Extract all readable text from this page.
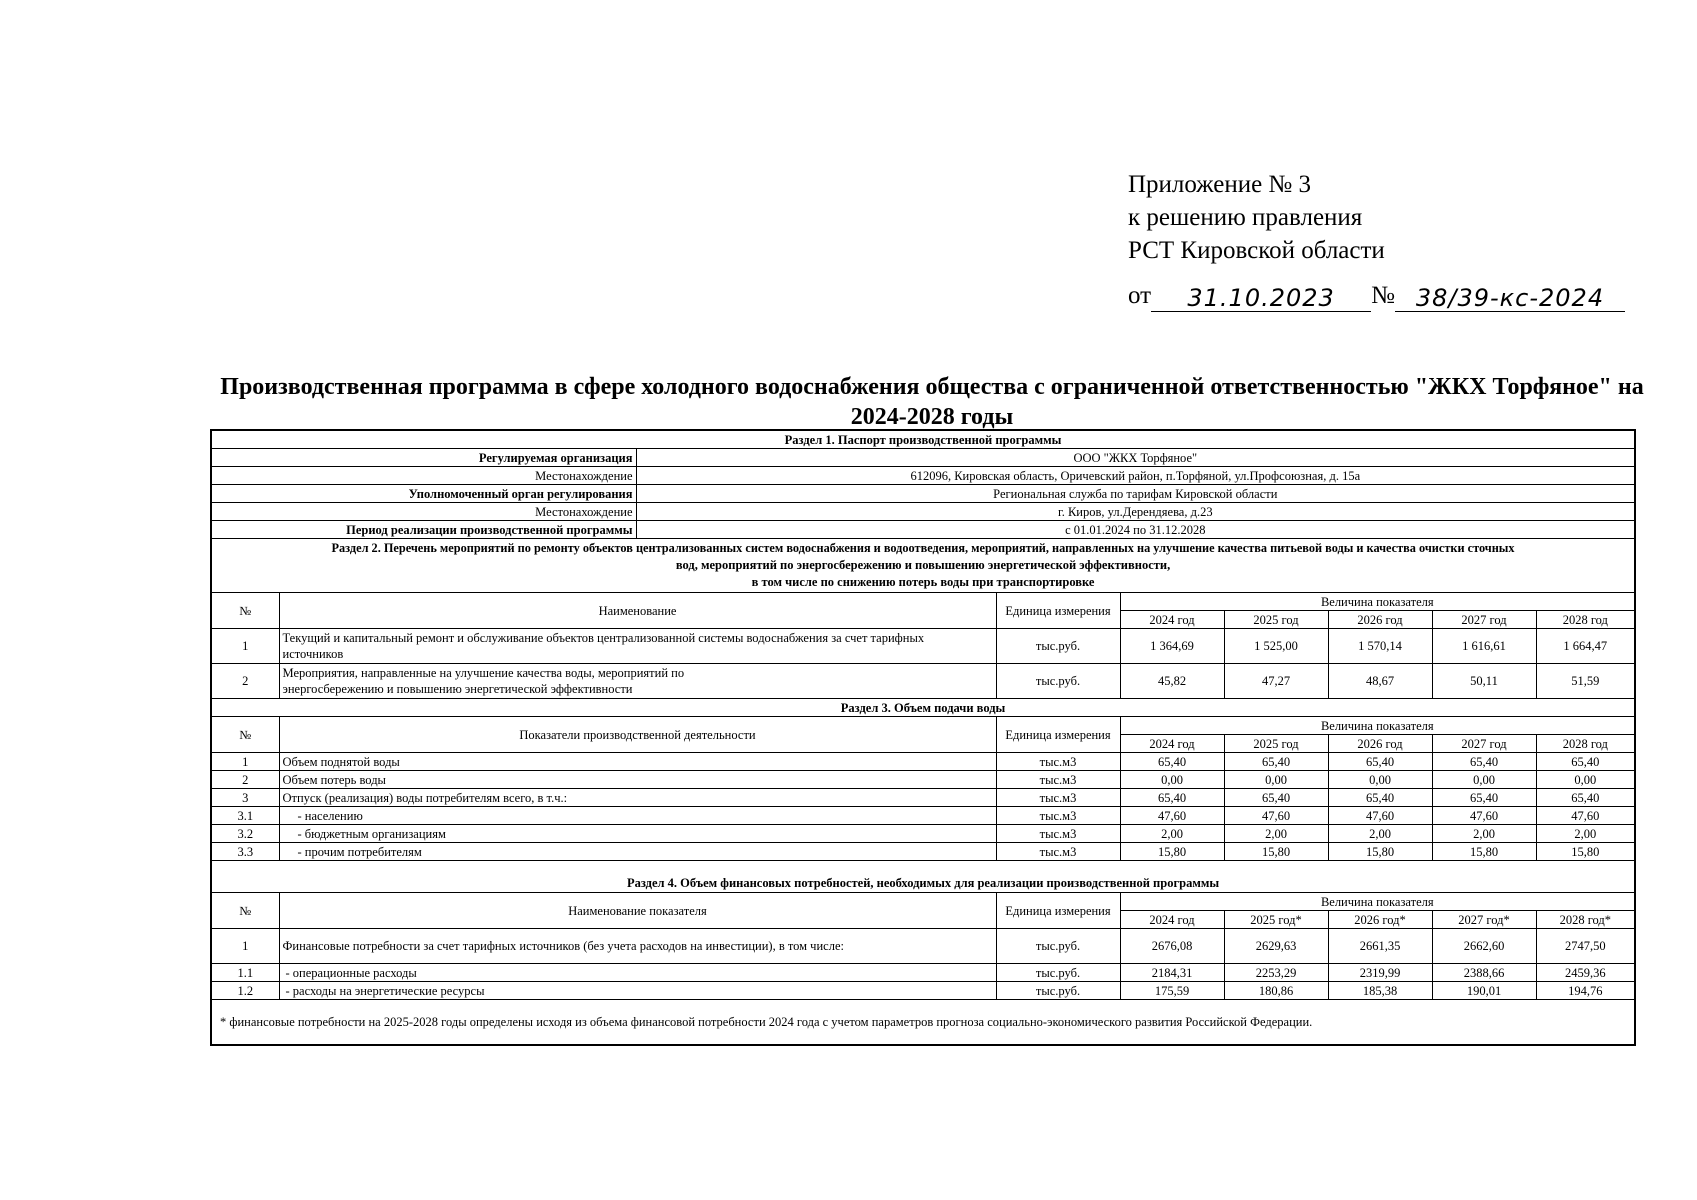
Приложение № 3
к решению правления
РСТ Кировской области
от 31.10.2023 № 38/39-кс-2024
Производственная программа в сфере холодного водоснабжения общества с ограниченной ответственностью "ЖКХ Торфяное" на 2024-2028 годы
Раздел 1. Паспорт производственной программы								
Регулируемая организация		ООО "ЖКХ Торфяное"						
Местонахождение		612096, Кировская область, Оричевский район, п.Торфяной, ул.Профсоюзная, д. 15а						
Уполномоченный орган регулирования		Региональная служба по тарифам Кировской области						
Местонахождение		г. Киров, ул.Дерендяева, д.23						
Период реализации производственной программы		с 01.01.2024 по 31.12.2028						

Раздел 2. Перечень мероприятий по ремонту объектов централизованных систем водоснабжения и водоотведения, мероприятий, направленных на улучшение качества питьевой воды и качества очистки сточных
вод, мероприятий по энергосбережению и повышению энергетической эффективности,
в том числе по снижению потерь воды при транспортировке								

№	Наименование		Единица измерения	Величина показателя				
				2024 год	2025 год	2026 год	2027 год	2028 год
1	Текущий и капитальный ремонт и обслуживание объектов централизованной системы водоснабжения за счет тарифных источников		тыс.руб.	1 364,69	1 525,00	1 570,14	1 616,61	1 664,47
2	Мероприятия, направленные на улучшение качества воды, мероприятий по энергосбережению и повышению энергетической эффективности		тыс.руб.	45,82	47,27	48,67	50,11	51,59
Раздел 3. Объем подачи воды								
№	Показатели производственной деятельности		Единица измерения	Величина показателя				
				2024 год	2025 год	2026 год	2027 год	2028 год
1	Объем поднятой воды		тыс.м3	65,40	65,40	65,40	65,40	65,40
2	Объем потерь воды		тыс.м3	0,00	0,00	0,00	0,00	0,00
3	Отпуск (реализация) воды потребителям всего, в т.ч.:		тыс.м3	65,40	65,40	65,40	65,40	65,40
3.1	- населению		тыс.м3	47,60	47,60	47,60	47,60	47,60
3.2	- бюджетным организациям		тыс.м3	2,00	2,00	2,00	2,00	2,00
3.3	- прочим потребителям		тыс.м3	15,80	15,80	15,80	15,80	15,80
Раздел 4. Объем финансовых потребностей, необходимых для реализации производственной программы								
№	Наименование показателя		Единица измерения	Величина показателя				
				2024 год	2025 год*	2026 год*	2027 год*	2028 год*
1	Финансовые потребности за счет тарифных источников (без учета расходов на инвестиции), в том числе:		тыс.руб.	2676,08	2629,63	2661,35	2662,60	2747,50
1.1	- операционные расходы		тыс.руб.	2184,31	2253,29	2319,99	2388,66	2459,36
1.2	- расходы на энергетические ресурсы		тыс.руб.	175,59	180,86	185,38	190,01	194,76
* финансовые потребности на 2025-2028 годы определены исходя из объема финансовой потребности 2024 года с учетом параметров прогноза социально-экономического развития Российской Федерации.								
